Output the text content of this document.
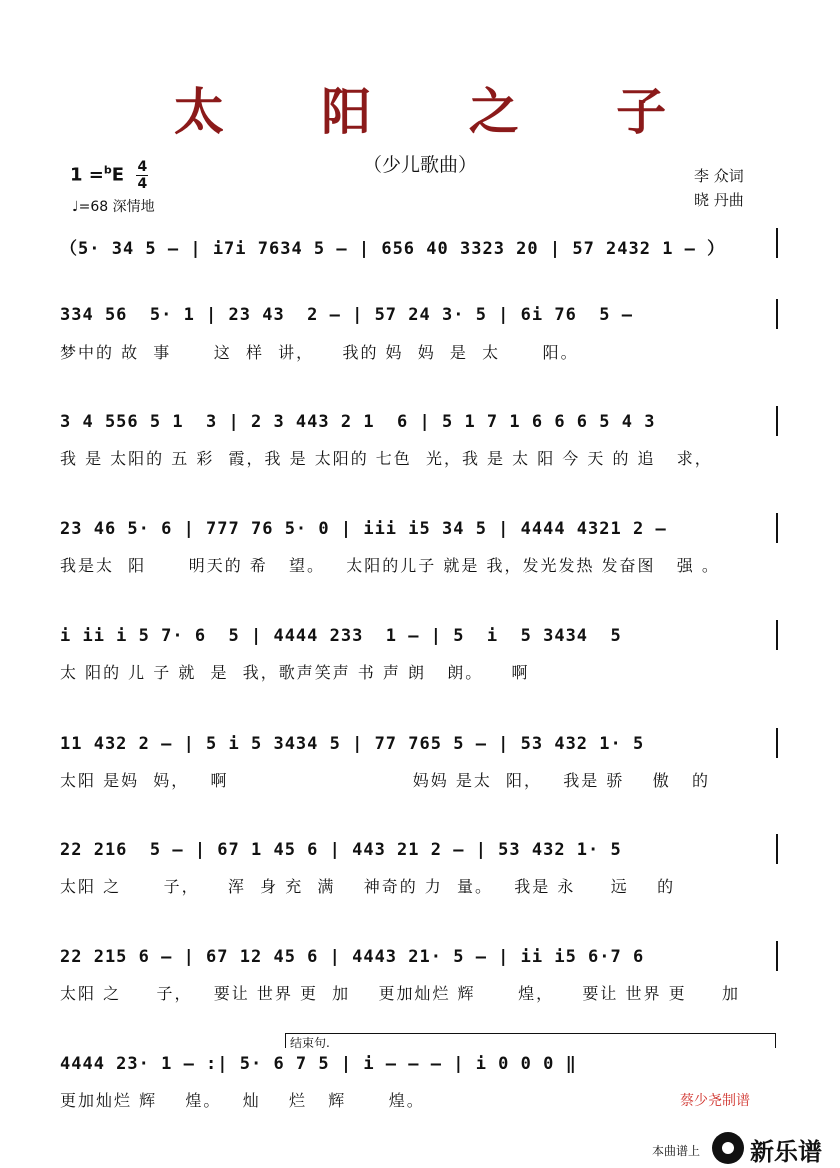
太 阳 之 子
（少儿歌曲）
$1 =^bE \frac{4}{4}$
♩=68 深情地
李 众词
晓 丹曲
（5· 34 5 — | i7i 7634 5 — | 656 40 3323 20 | 57 2432 1 — ）
334 56  5· 1 | 23 43  2 — | 57 24 3· 5 | 6i 76  5 —
梦中的 故  事      这  样  讲，    我的 妈  妈  是  太      阳。
3 4 556 5 1  3 | 2 3 443 2 1  6 | 5 1 7 1 6 6 6 5 4 3
我 是 太阳的 五 彩  霞，我 是 太阳的 七色  光，我 是 太 阳 今 天 的 追   求，
23 46 5· 6 | 777 76 5· 0 | iii i5 34 5 | 4444 4321 2 —
我是太  阳      明天的 希   望。   太阳的儿子 就是 我，发光发热 发奋图   强 。
i ii i 5 7· 6  5 | 4444 233  1 — | 5  i  5 3434  5
太 阳的 儿 子 就  是  我，歌声笑声 书 声 朗   朗。    啊
11 432 2 — | 5 i 5 3434 5 | 77 765 5 — | 53 432 1· 5
太阳 是妈  妈，   啊                          妈妈 是太  阳，   我是 骄    傲   的
22 216  5 — | 67 1 45 6 | 443 21 2 — | 53 432 1· 5
太阳 之      子，    浑  身 充  满    神奇的 力  量。   我是 永     远    的
22 215 6 — | 67 12 45 6 | 4443 21· 5 — | ii i5 6·7 6
太阳 之     子，   要让 世界 更  加    更加灿烂 辉      煌，    要让 世界 更     加
结束句.
4444 23· 1 — :| 5· 6 7 5 | i — — — | i 0 0 0 ‖
更加灿烂 辉    煌。   灿    烂   辉      煌。	蔡少尧制谱
本曲谱上 新乐谱
